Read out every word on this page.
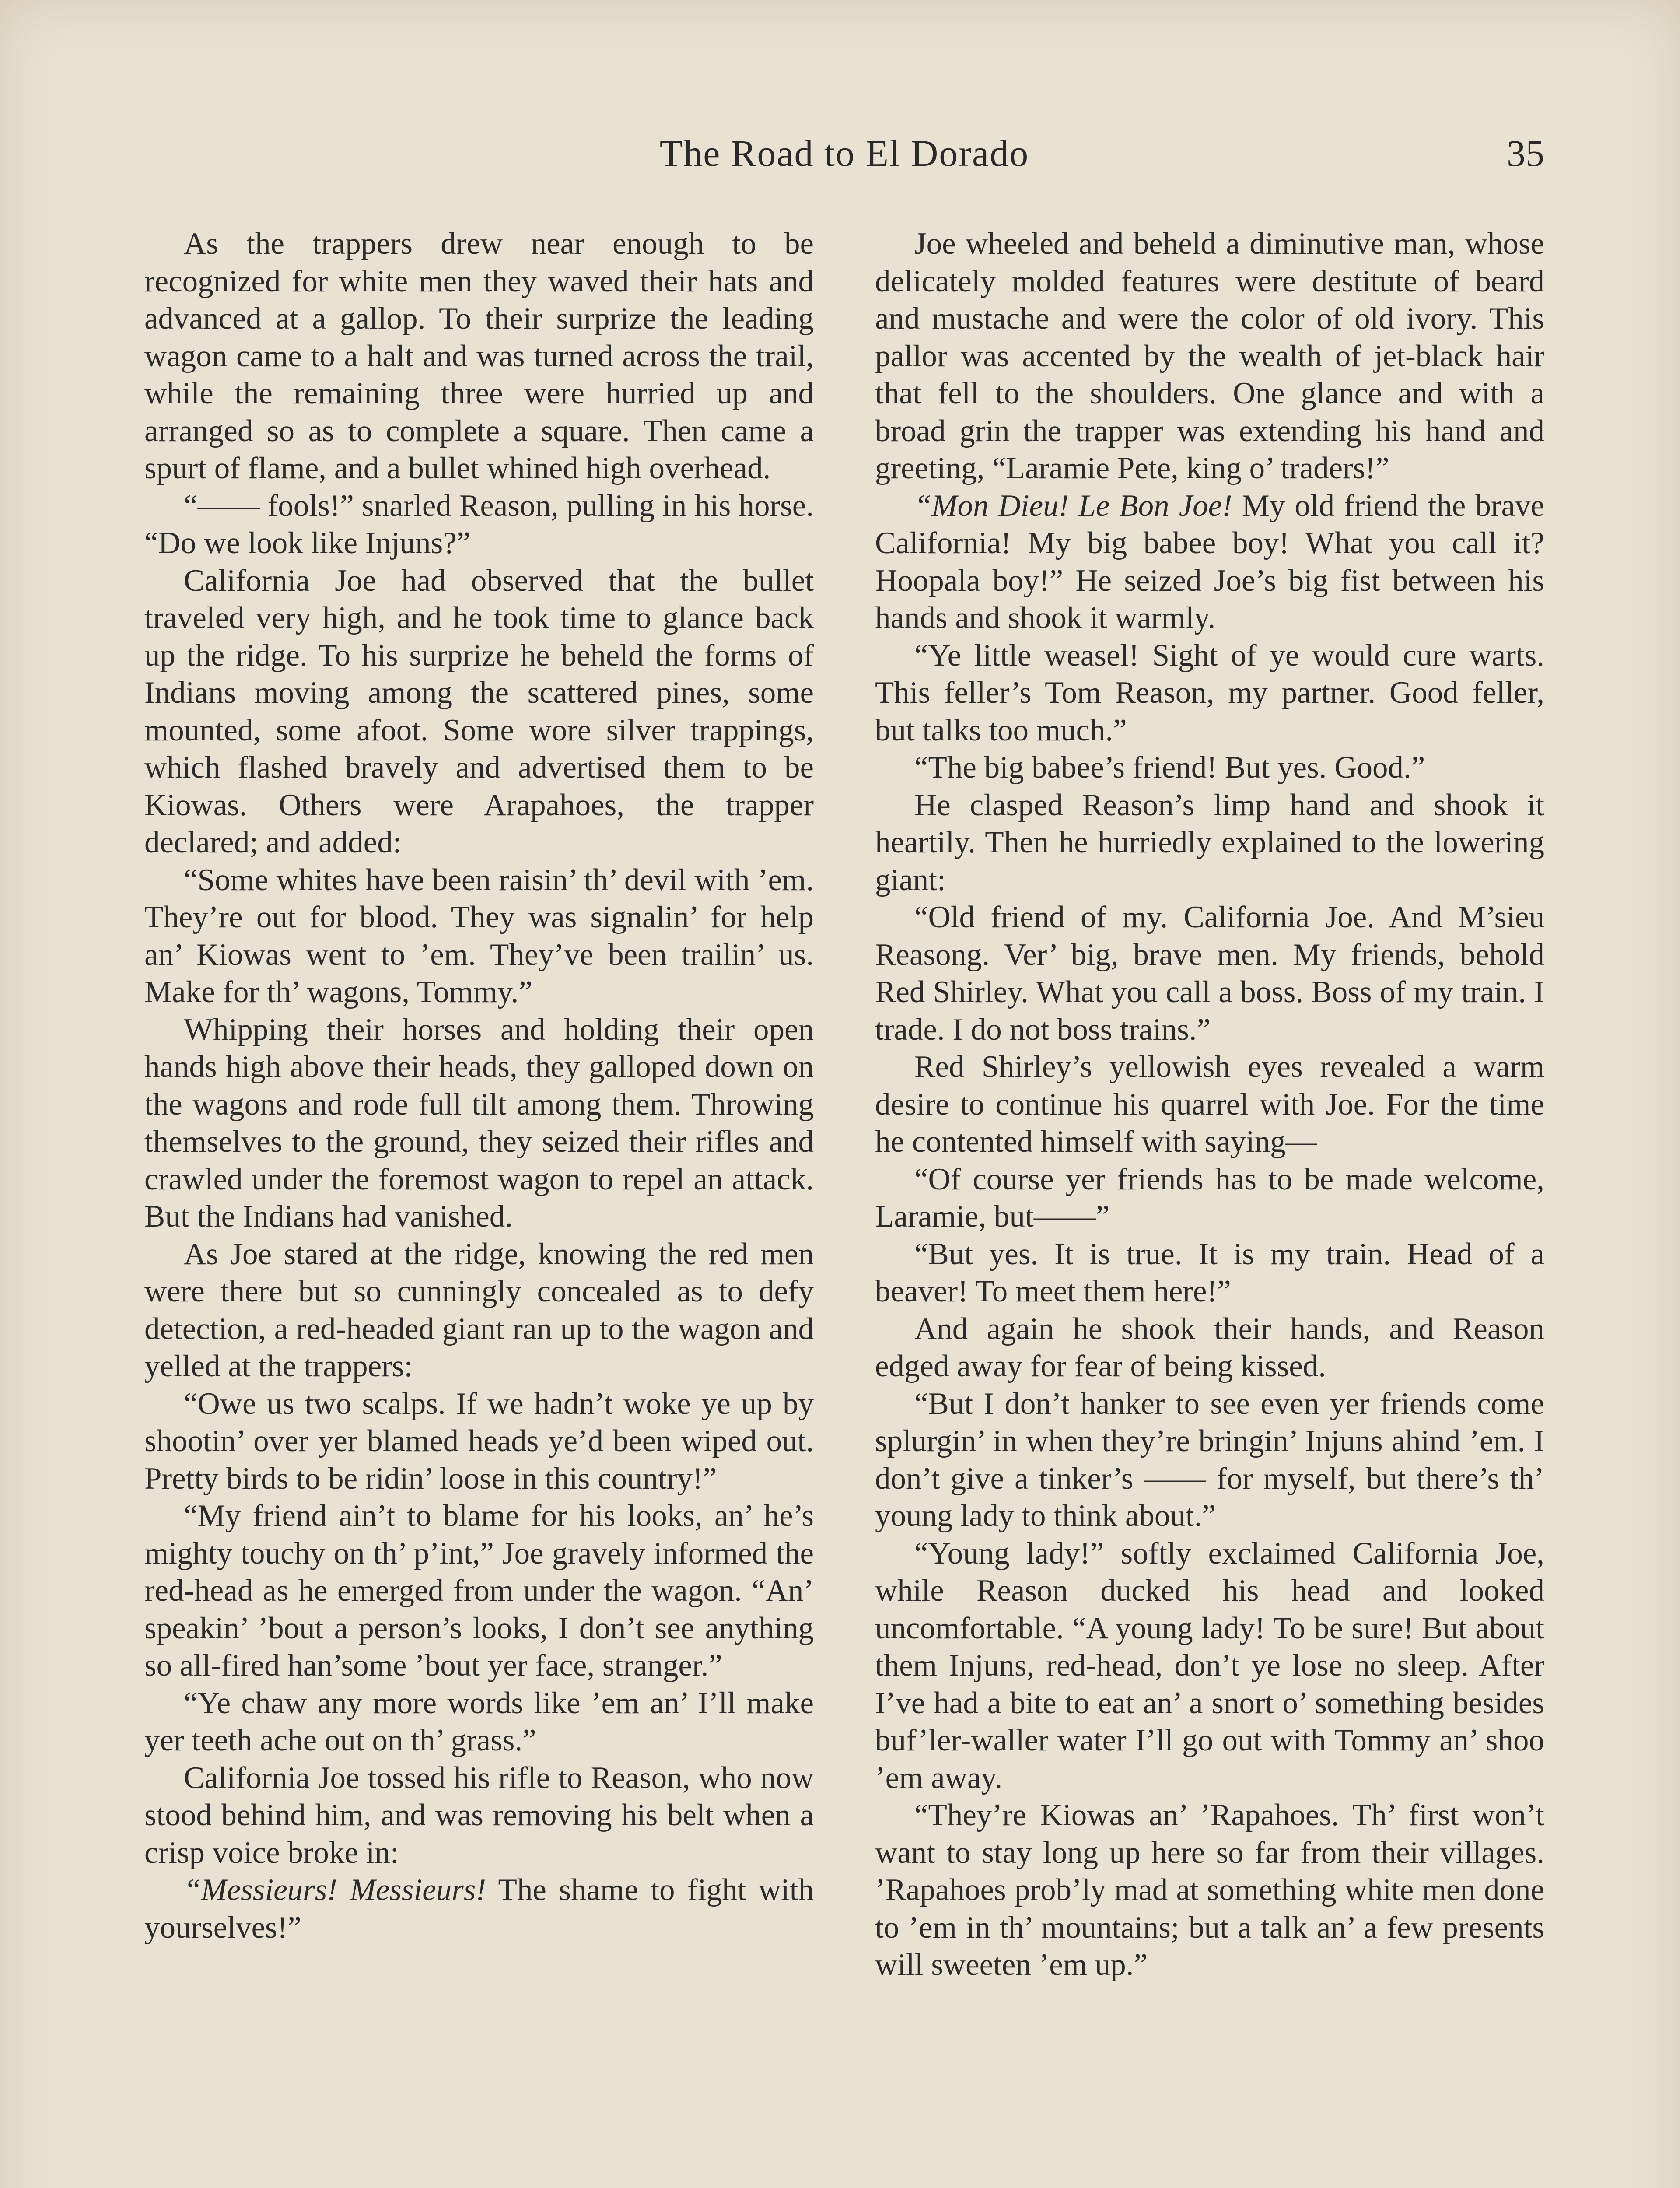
The Road to El Dorado	35

As the trappers drew near enough to be recognized for white men they waved their hats and advanced at a gallop. To their surprize the leading wagon came to a halt and was turned across the trail, while the remaining three were hurried up and arranged so as to complete a square. Then came a spurt of flame, and a bullet whined high overhead.

“—— fools!” snarled Reason, pulling in his horse. “Do we look like Injuns?”

California Joe had observed that the bullet traveled very high, and he took time to glance back up the ridge. To his surprize he beheld the forms of Indians moving among the scattered pines, some mounted, some afoot. Some wore silver trappings, which flashed bravely and advertised them to be Kiowas. Others were Arapahoes, the trapper declared; and added:

“Some whites have been raisin’ th’ devil with ’em. They’re out for blood. They was signalin’ for help an’ Kiowas went to ’em. They’ve been trailin’ us. Make for th’ wagons, Tommy.”

Whipping their horses and holding their open hands high above their heads, they galloped down on the wagons and rode full tilt among them. Throwing themselves to the ground, they seized their rifles and crawled under the foremost wagon to repel an attack. But the Indians had vanished.

As Joe stared at the ridge, knowing the red men were there but so cunningly concealed as to defy detection, a red-headed giant ran up to the wagon and yelled at the trappers:

“Owe us two scalps. If we hadn’t woke ye up by shootin’ over yer blamed heads ye’d been wiped out. Pretty birds to be ridin’ loose in this country!”

“My friend ain’t to blame for his looks, an’ he’s mighty touchy on th’ p’int,” Joe gravely informed the red-head as he emerged from under the wagon. “An’ speakin’ ’bout a person’s looks, I don’t see anything so all-fired han’some ’bout yer face, stranger.”

“Ye chaw any more words like ’em an’ I’ll make yer teeth ache out on th’ grass.”

California Joe tossed his rifle to Reason, who now stood behind him, and was removing his belt when a crisp voice broke in:

“Messieurs! Messieurs! The shame to fight with yourselves!”

Joe wheeled and beheld a diminutive man, whose delicately molded features were destitute of beard and mustache and were the color of old ivory. This pallor was accented by the wealth of jet-black hair that fell to the shoulders. One glance and with a broad grin the trapper was extending his hand and greeting, “Laramie Pete, king o’ traders!”

“Mon Dieu! Le Bon Joe! My old friend the brave California! My big babee boy! What you call it? Hoopala boy!” He seized Joe’s big fist between his hands and shook it warmly.

“Ye little weasel! Sight of ye would cure warts. This feller’s Tom Reason, my partner. Good feller, but talks too much.”

“The big babee’s friend! But yes. Good.”

He clasped Reason’s limp hand and shook it heartily. Then he hurriedly explained to the lowering giant:

“Old friend of my. California Joe. And M’sieu Reasong. Ver’ big, brave men. My friends, behold Red Shirley. What you call a boss. Boss of my train. I trade. I do not boss trains.”

Red Shirley’s yellowish eyes revealed a warm desire to continue his quarrel with Joe. For the time he contented himself with saying—

“Of course yer friends has to be made welcome, Laramie, but——”

“But yes. It is true. It is my train. Head of a beaver! To meet them here!”

And again he shook their hands, and Reason edged away for fear of being kissed.

“But I don’t hanker to see even yer friends come splurgin’ in when they’re bringin’ Injuns ahind ’em. I don’t give a tinker’s —— for myself, but there’s th’ young lady to think about.”

“Young lady!” softly exclaimed California Joe, while Reason ducked his head and looked uncomfortable. “A young lady! To be sure! But about them Injuns, red-head, don’t ye lose no sleep. After I’ve had a bite to eat an’ a snort o’ something besides buf’ler-waller water I’ll go out with Tommy an’ shoo ’em away.

“They’re Kiowas an’ ’Rapahoes. Th’ first won’t want to stay long up here so far from their villages. ’Rapahoes prob’ly mad at something white men done to ’em in th’ mountains; but a talk an’ a few presents will sweeten ’em up.”
